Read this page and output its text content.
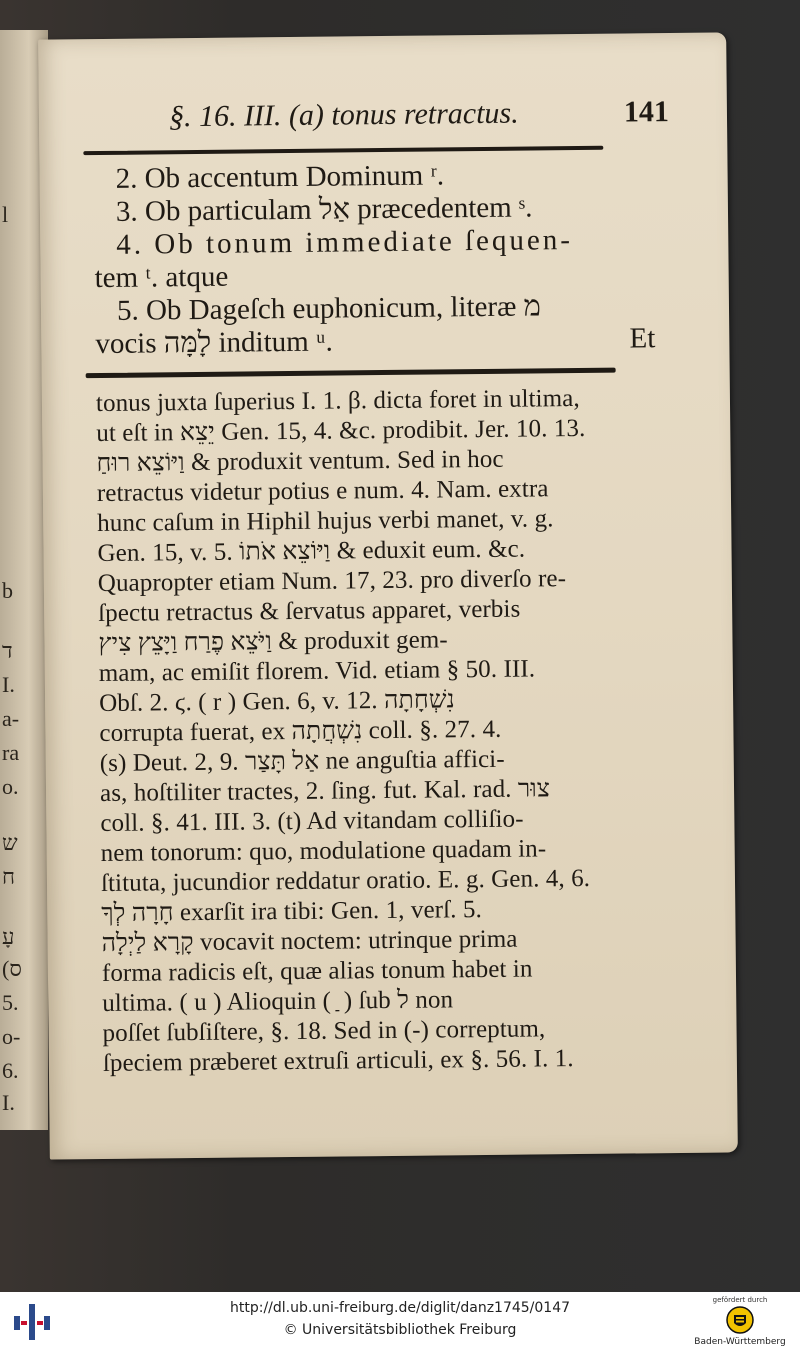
l
b
ד
I.
a-
ra
o.
ש
ח
עָ
(ס
5.
o-
6.
I.
§. 16. III. (a) tonus retractus.	141
2. Ob accentum Dominum ʳ.
3. Ob particulam אַל præcedentem ˢ.
4. Ob tonum immediate ſequen-
tem ᵗ. atque
5. Ob Dageſch euphonicum, literæ מ
vocis לָמָּה inditum ᵘ.	Et
tonus juxta ſuperius I. 1. β. dicta foret in ultima,
ut eſt in יֵצֵא Gen. 15, 4. &c. prodibit. Jer. 10. 13.
וַיּוֹצֵא רוּחַ & produxit ventum. Sed in hoc
retractus videtur potius e num. 4. Nam. extra
hunc caſum in Hiphil hujus verbi manet, v. g.
Gen. 15, v. 5. וַיּוֹצֵא אֹתוֹ & eduxit eum. &c.
Quapropter etiam Num. 17, 23. pro diverſo re-
ſpectu retractus & ſervatus apparet, verbis
וַיֹּצֵא פֶרַח וַיָּצֵץ צִיץ & produxit gem-
mam, ac emiſit florem. Vid. etiam § 50. III.
Obſ. 2. ϛ. ( r ) Gen. 6, v. 12. נִשְׁחָתָה
corrupta fuerat, ex נִשְׁחֲתָה coll. §. 27. 4.
(s) Deut. 2, 9. אַל תָּצַר ne anguſtia affici-
as, hoſtiliter tractes, 2. ſing. fut. Kal. rad. צוּר
coll. §. 41. III. 3. (t) Ad vitandam colliſio-
nem tonorum: quo, modulatione quadam in-
ſtituta, jucundior reddatur oratio. E. g. Gen. 4, 6.
חָרָה לְךָ exarſit ira tibi: Gen. 1, verſ. 5.
קָרָא לַיְלָה vocavit noctem: utrinque prima
forma radicis eſt, quæ alias tonum habet in
ultima. ( u ) Alioquin ( ַ ) ſub ל non
poſſet ſubſiſtere, §. 18. Sed in (-) correptum,
ſpeciem præberet extruſi articuli, ex §. 56. I. 1.
http://dl.ub.uni-freiburg.de/diglit/danz1745/0147
© Universitätsbibliothek Freiburg
gefördert durch
Baden-Württemberg
